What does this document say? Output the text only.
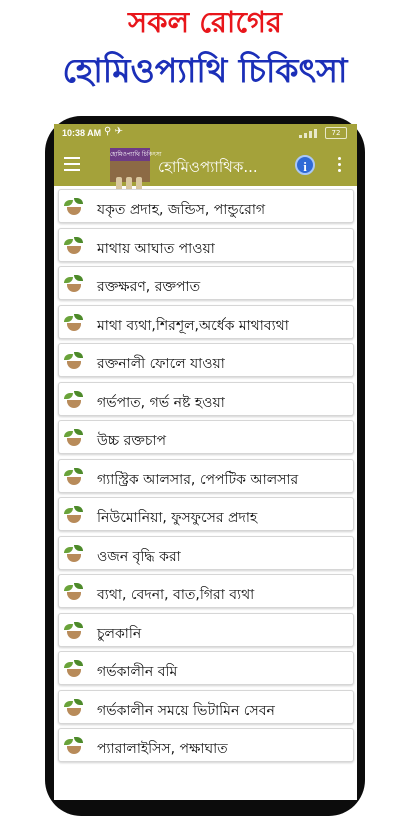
সকল রোগের
হোমিওপ্যাথি চিকিৎসা
10:38 AM ⚲ ✈	72
হোমিওপ্যাথি চিকিৎসা
হোমিওপ্যাথিক...	i
যকৃত প্রদাহ, জন্ডিস, পান্ডুরোগ
মাথায় আঘাত পাওয়া
রক্তক্ষরণ, রক্তপাত
মাথা ব্যথা,শিরশূল,অর্ধেক মাথাব্যথা
রক্তনালী ফোলে যাওয়া
গর্ভপাত, গর্ভ নষ্ট হওয়া
উচ্চ রক্তচাপ
গ্যাস্ট্রিক আলসার, পেপটিক আলসার
নিউমোনিয়া, ফুসফুসের প্রদাহ
ওজন বৃদ্ধি করা
ব্যথা, বেদনা, বাত,গিরা ব্যথা
চুলকানি
গর্ভকালীন বমি
গর্ভকালীন সময়ে ভিটামিন সেবন
প্যারালাইসিস, পক্ষাঘাত
